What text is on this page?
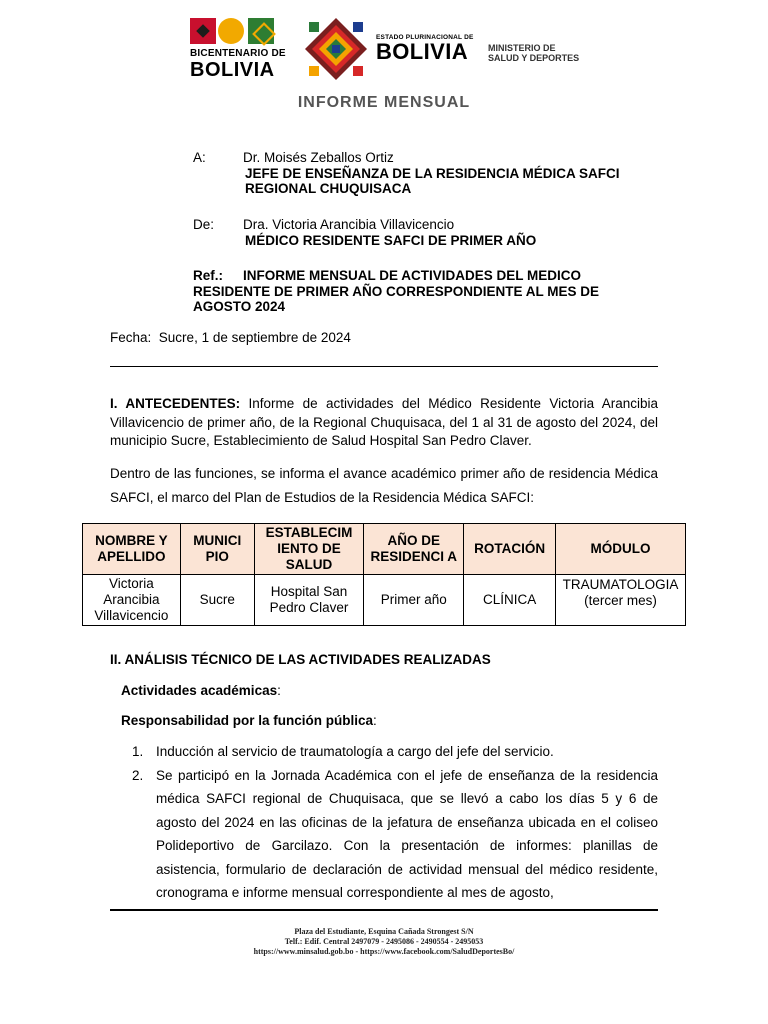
BICENTENARIO DE
BOLIVIA
ESTADO PLURINACIONAL DE
BOLIVIA	MINISTERIO DE
SALUD Y DEPORTES
INFORME MENSUAL
A:	Dr. Moisés Zeballos Ortiz
JEFE DE ENSEÑANZA DE LA RESIDENCIA MÉDICA SAFCI
REGIONAL CHUQUISACA
De: Dra. Victoria Arancibia Villavicencio
MÉDICO RESIDENTE SAFCI DE PRIMER AÑO
Ref.: INFORME MENSUAL DE ACTIVIDADES DEL MEDICO RESIDENTE DE PRIMER AÑO CORRESPONDIENTE AL MES DE AGOSTO 2024
Fecha: Sucre, 1 de septiembre de 2024
I. ANTECEDENTES: Informe de actividades del Médico Residente Victoria Arancibia Villavicencio de primer año, de la Regional Chuquisaca, del 1 al 31 de agosto del 2024, del municipio Sucre, Establecimiento de Salud Hospital San Pedro Claver.
Dentro de las funciones, se informa el avance académico primer año de residencia Médica SAFCI, el marco del Plan de Estudios de la Residencia Médica SAFCI:
NOMBRE Y APELLIDO	MUNICI PIO	ESTABLECIM IENTO DE SALUD	AÑO DE RESIDENCI A	ROTACIÓN	MÓDULO
Victoria Arancibia Villavicencio	Sucre	Hospital San Pedro Claver	Primer año	CLÍNICA	TRAUMATOLOGIA (tercer mes)
II. ANÁLISIS TÉCNICO DE LAS ACTIVIDADES REALIZADAS
Actividades académicas:
Responsabilidad por la función pública:
1. Inducción al servicio de traumatología a cargo del jefe del servicio.
2. Se participó en la Jornada Académica con el jefe de enseñanza de la residencia médica SAFCI regional de Chuquisaca, que se llevó a cabo los días 5 y 6 de agosto del 2024 en las oficinas de la jefatura de enseñanza ubicada en el coliseo Polideportivo de Garcilazo. Con la presentación de informes: planillas de asistencia, formulario de declaración de actividad mensual del médico residente, cronograma e informe mensual correspondiente al mes de agosto,
Plaza del Estudiante, Esquina Cañada Strongest S/N
Telf.: Edif. Central 2497079 - 2495086 - 2490554 - 2495053
https://www.minsalud.gob.bo - https://www.facebook.com/SaludDeportesBo/
